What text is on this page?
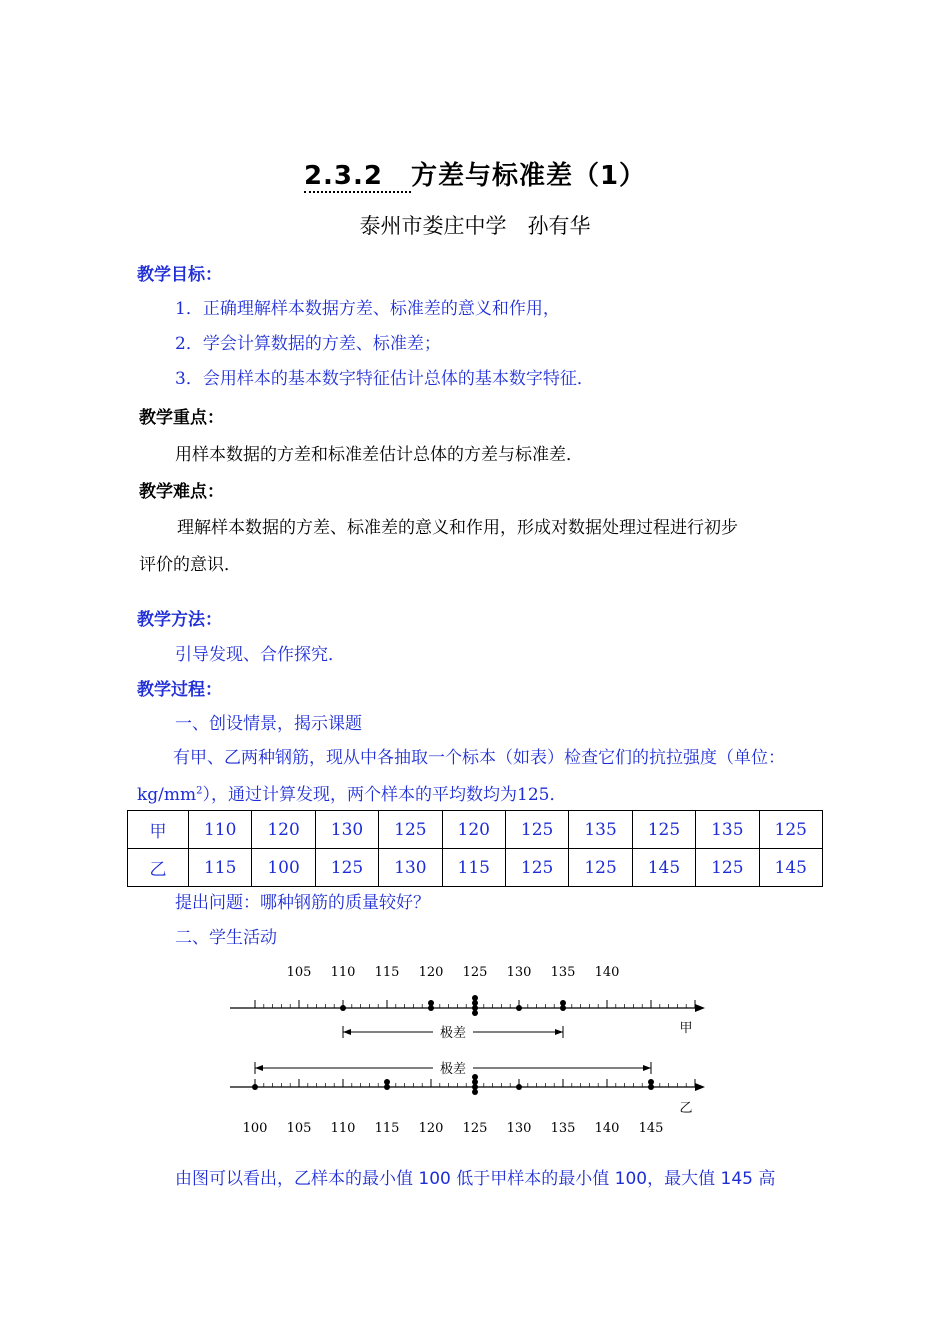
2.3.2 方差与标准差（1）
泰州市娄庄中学　孙有华
教学目标：
1．正确理解样本数据方差、标准差的意义和作用，
2．学会计算数据的方差、标准差；
3．会用样本的基本数字特征估计总体的基本数字特征．
教学重点：
用样本数据的方差和标准差估计总体的方差与标准差．
教学难点：
理解样本数据的方差、标准差的意义和作用，形成对数据处理过程进行初步
评价的意识．
教学方法：
引导发现、合作探究．
教学过程：
一、创设情景，揭示课题
有甲、乙两种钢筋，现从中各抽取一个标本（如表）检查它们的抗拉强度（单位：
$kg/mm^2$），通过计算发现，两个样本的平均数均为125．
甲	110	120	130	125	120	125	135	125	135	125
乙	115	100	125	130	115	125	125	145	125	145
提出问题：哪种钢筋的质量较好？
二、学生活动
105 110 115 120 125 130 135 140
极差	甲
极差
乙
100 105 110 115 120 125 130 135 140 145
由图可以看出，乙样本的最小值 100 低于甲样本的最小值 100，最大值 145 高
